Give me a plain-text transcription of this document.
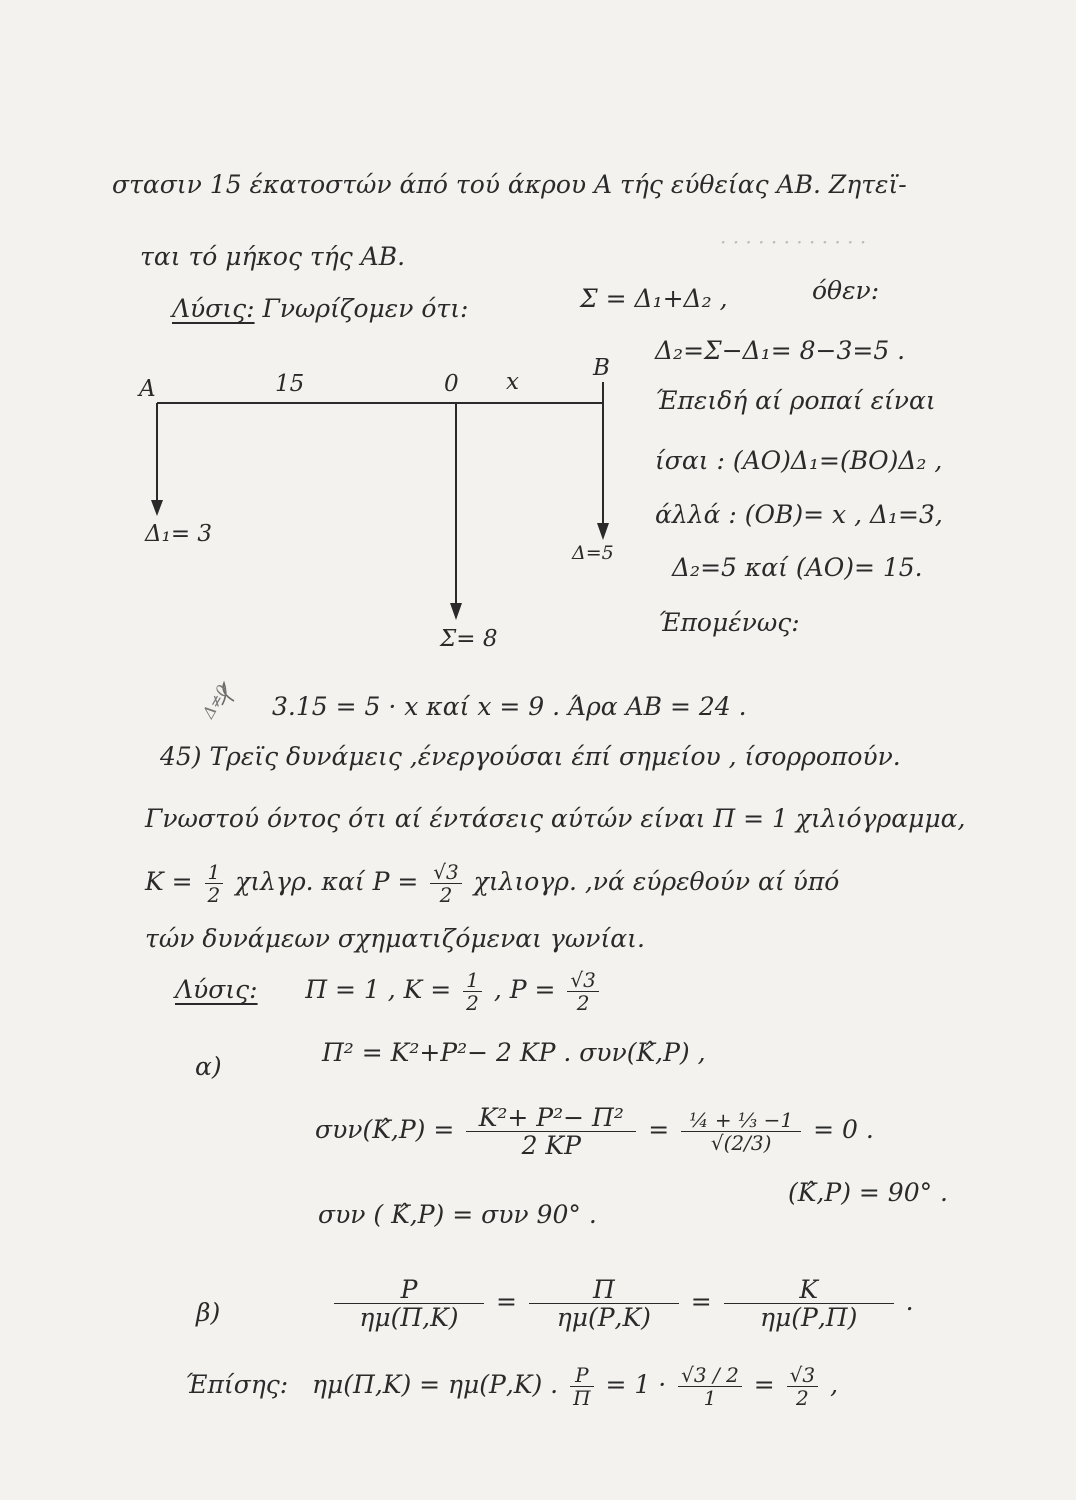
· · · · · · · · · · · ·
στασιν 15 έκατοστών άπό τού άκρου Α τής εύθείας ΑΒ. Ζητεϊ-
ται τό μήκος τής ΑΒ.
Λύσις: Γνωρίζομεν ότι:	Σ = Δ₁+Δ₂ ,	όθεν:
Δ₂=Σ−Δ₁= 8−3=5 .
Έπειδή αί ροπαί είναι
ίσαι : (ΑΟ)Δ₁=(ΒΟ)Δ₂ ,
άλλά : (ΟΒ)= x , Δ₁=3,
Δ₂=5 καί (ΑΟ)= 15.
Έπομένως:
Α	15	0 x
B
Δ₁= 3
Σ= 8
Δ=5
3.15 = 5 · x καί x = 9 . Άρα ΑΒ = 24 .
Δ≠0
45) Τρεϊς δυνάμεις ,ένεργούσαι έπί σημείου , ίσορροπούν.
Γνωστού όντος ότι αί έντάσεις αύτών είναι Π = 1 χιλιόγραμμα,
$K = \frac{1}{2} \chi\iota\lambda\gamma\rho$. καί $P = \frac{√3}{2} \chi\iota\lambda\iota o\gamma\rho$. ,νά εύρεθούν αί ύπό
τών δυνάμεων σχηματιζόμεναι γωνίαι.
Λύσις: Π = 1 , $K = \frac{1}{2}$ , $P = \frac{√3}{2}$
α)	Π² = Κ²+Ρ²− 2 ΚΡ . συν(Κ̂,Ρ) ,
συν(Κ̂,Ρ) = $\frac{\text{Κ²+ Ρ²− Π²}}{2 KP} = \frac{\text{¼ + ⅓ −1}}{√(2/3)} = 0$ .
συν ( Κ̂,Ρ) = συν 90° .
(Κ̂,Ρ) = 90° .
β)	$\frac{P}{\eta\mu(\Pi,K)} = \frac{\Pi}{\eta\mu(P,K)} = \frac{K}{\eta\mu(P,\Pi)}$ .
Έπίσης: ημ(Π,Κ) = ημ(Ρ,Κ) . $\frac{P}{\Pi} = 1 \cdot \frac{√3 / 2}{1} = \frac{√3}{2}$ ,
